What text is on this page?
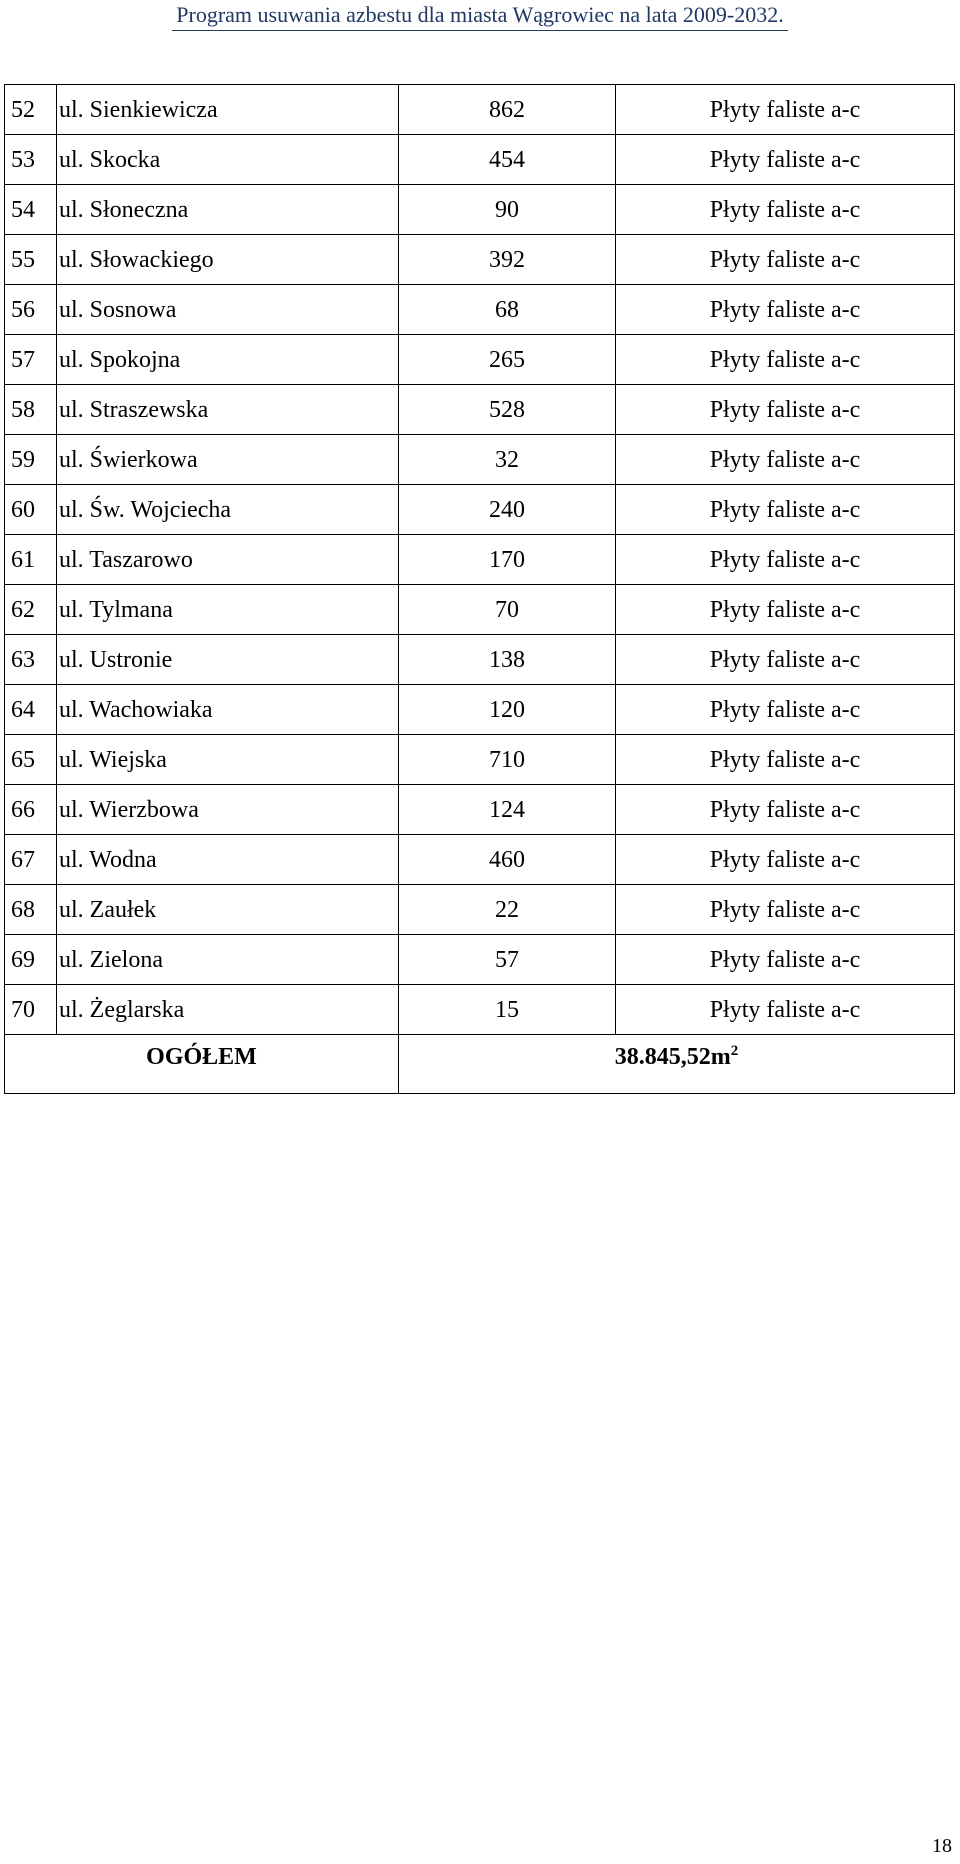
Program usuwania azbestu dla miasta Wągrowiec na lata 2009-2032.
52	ul. Sienkiewicza	862	Płyty faliste a-c
53	ul. Skocka	454	Płyty faliste a-c
54	ul. Słoneczna	90	Płyty faliste a-c
55	ul. Słowackiego	392	Płyty faliste a-c
56	ul. Sosnowa	68	Płyty faliste a-c
57	ul. Spokojna	265	Płyty faliste a-c
58	ul. Straszewska	528	Płyty faliste a-c
59	ul. Świerkowa	32	Płyty faliste a-c
60	ul. Św. Wojciecha	240	Płyty faliste a-c
61	ul. Taszarowo	170	Płyty faliste a-c
62	ul. Tylmana	70	Płyty faliste a-c
63	ul. Ustronie	138	Płyty faliste a-c
64	ul. Wachowiaka	120	Płyty faliste a-c
65	ul. Wiejska	710	Płyty faliste a-c
66	ul. Wierzbowa	124	Płyty faliste a-c
67	ul. Wodna	460	Płyty faliste a-c
68	ul. Zaułek	22	Płyty faliste a-c
69	ul. Zielona	57	Płyty faliste a-c
70	ul. Żeglarska	15	Płyty faliste a-c
OGÓŁEM		$38.845,52m^2$
18
